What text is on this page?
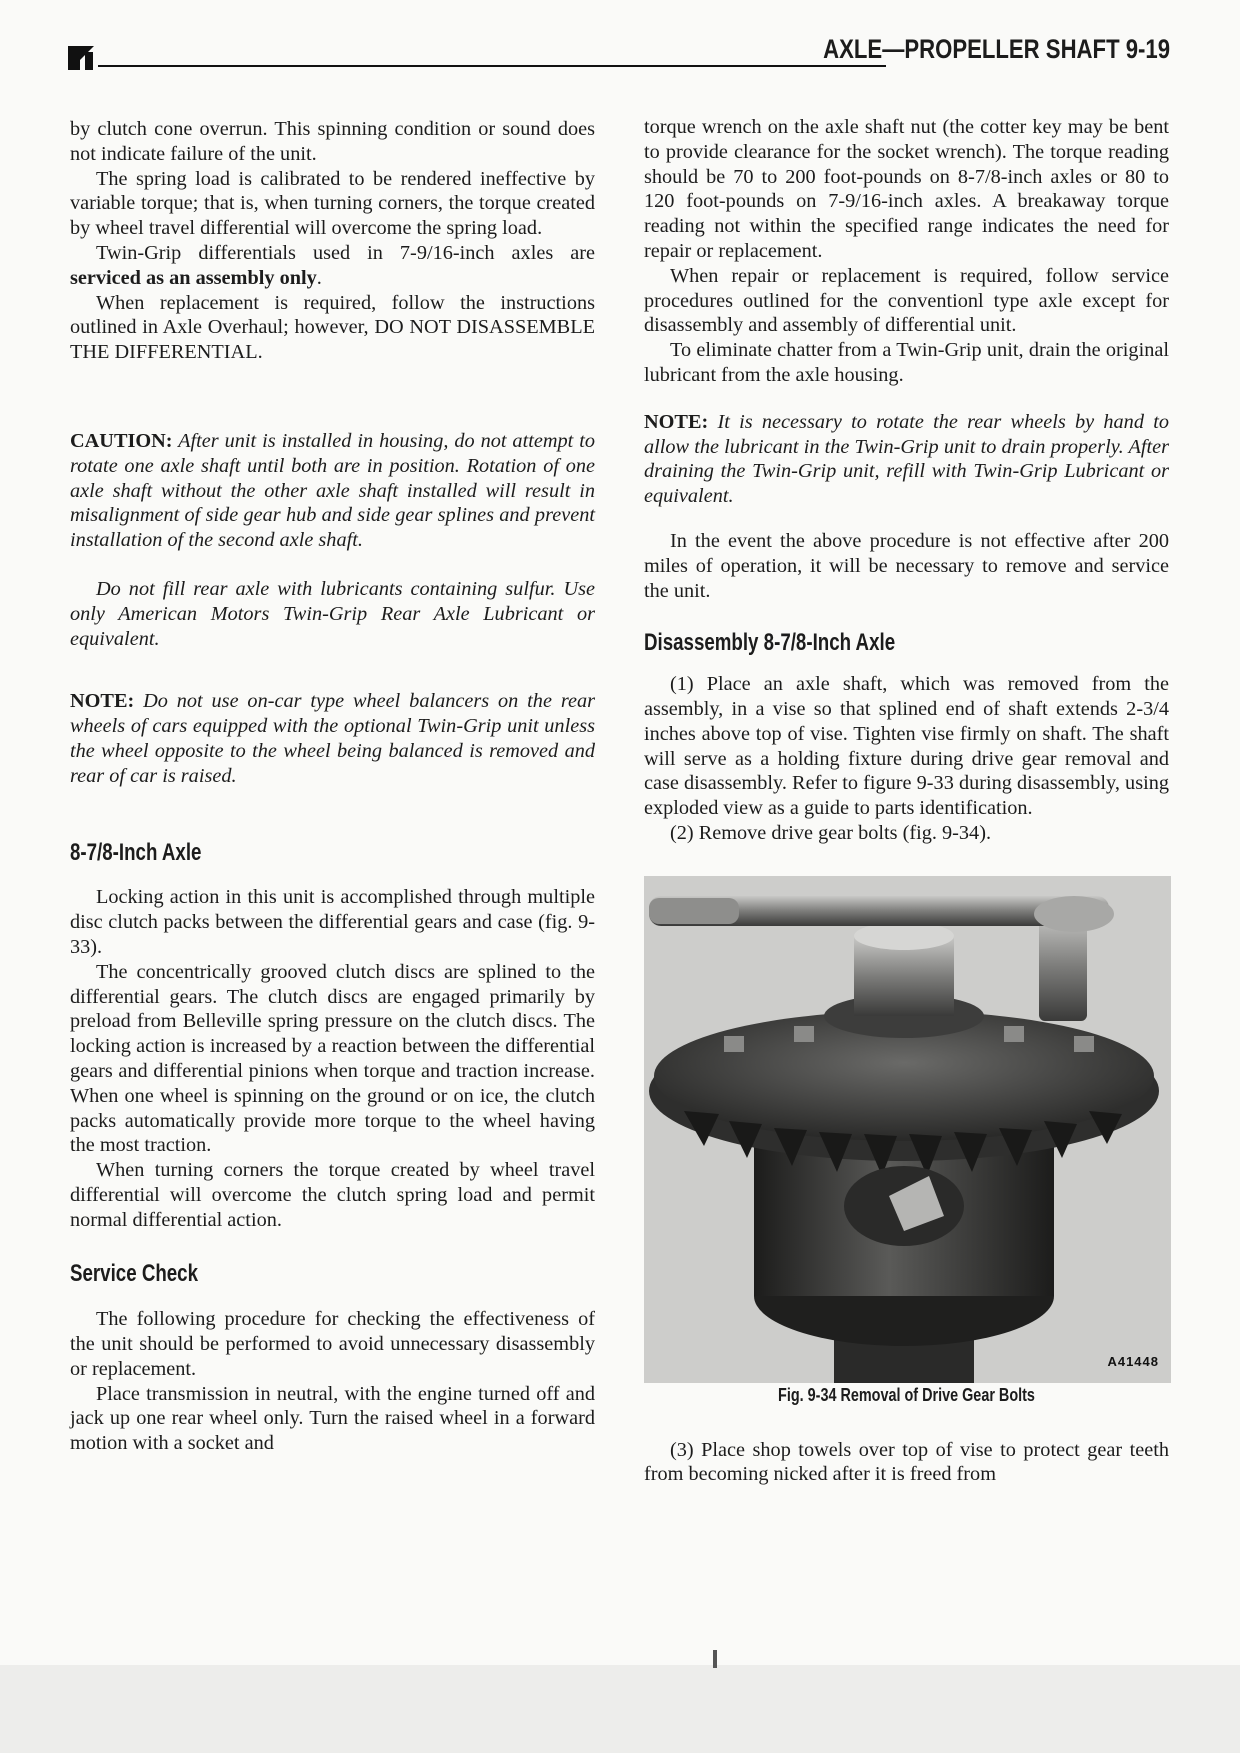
AXLE—PROPELLER SHAFT 9-19

by clutch cone overrun. This spinning condition or sound does not indicate failure of the unit.

The spring load is calibrated to be rendered ineffective by variable torque; that is, when turning corners, the torque created by wheel travel differential will overcome the spring load.

Twin-Grip differentials used in 7-9/16-inch axles are serviced as an assembly only.

When replacement is required, follow the instructions outlined in Axle Overhaul; however, DO NOT DISASSEMBLE THE DIFFERENTIAL.

CAUTION: After unit is installed in housing, do not attempt to rotate one axle shaft until both are in position. Rotation of one axle shaft without the other axle shaft installed will result in misalignment of side gear hub and side gear splines and prevent installation of the second axle shaft.

Do not fill rear axle with lubricants containing sulfur. Use only American Motors Twin-Grip Rear Axle Lubricant or equivalent.

NOTE: Do not use on-car type wheel balancers on the rear wheels of cars equipped with the optional Twin-Grip unit unless the wheel opposite to the wheel being balanced is removed and rear of car is raised.

8-7/8-Inch Axle

Locking action in this unit is accomplished through multiple disc clutch packs between the differential gears and case (fig. 9-33).

The concentrically grooved clutch discs are splined to the differential gears. The clutch discs are engaged primarily by preload from Belleville spring pressure on the clutch discs. The locking action is increased by a reaction between the differential gears and differential pinions when torque and traction increase. When one wheel is spinning on the ground or on ice, the clutch packs automatically provide more torque to the wheel having the most traction.

When turning corners the torque created by wheel travel differential will overcome the clutch spring load and permit normal differential action.

Service Check

The following procedure for checking the effectiveness of the unit should be performed to avoid unnecessary disassembly or replacement.

Place transmission in neutral, with the engine turned off and jack up one rear wheel only. Turn the raised wheel in a forward motion with a socket and

torque wrench on the axle shaft nut (the cotter key may be bent to provide clearance for the socket wrench). The torque reading should be 70 to 200 foot-pounds on 8-7/8-inch axles or 80 to 120 foot-pounds on 7-9/16-inch axles. A breakaway torque reading not within the specified range indicates the need for repair or replacement.

When repair or replacement is required, follow service procedures outlined for the conventionl type axle except for disassembly and assembly of differential unit.

To eliminate chatter from a Twin-Grip unit, drain the original lubricant from the axle housing.

NOTE: It is necessary to rotate the rear wheels by hand to allow the lubricant in the Twin-Grip unit to drain properly. After draining the Twin-Grip unit, refill with Twin-Grip Lubricant or equivalent.

In the event the above procedure is not effective after 200 miles of operation, it will be necessary to remove and service the unit.

Disassembly 8-7/8-Inch Axle

(1) Place an axle shaft, which was removed from the assembly, in a vise so that splined end of shaft extends 2-3/4 inches above top of vise. Tighten vise firmly on shaft. The shaft will serve as a holding fixture during drive gear removal and case disassembly. Refer to figure 9-33 during disassembly, using exploded view as a guide to parts identification.

(2) Remove drive gear bolts (fig. 9-34).

A41448

Fig. 9-34 Removal of Drive Gear Bolts

(3) Place shop towels over top of vise to protect gear teeth from becoming nicked after it is freed from
